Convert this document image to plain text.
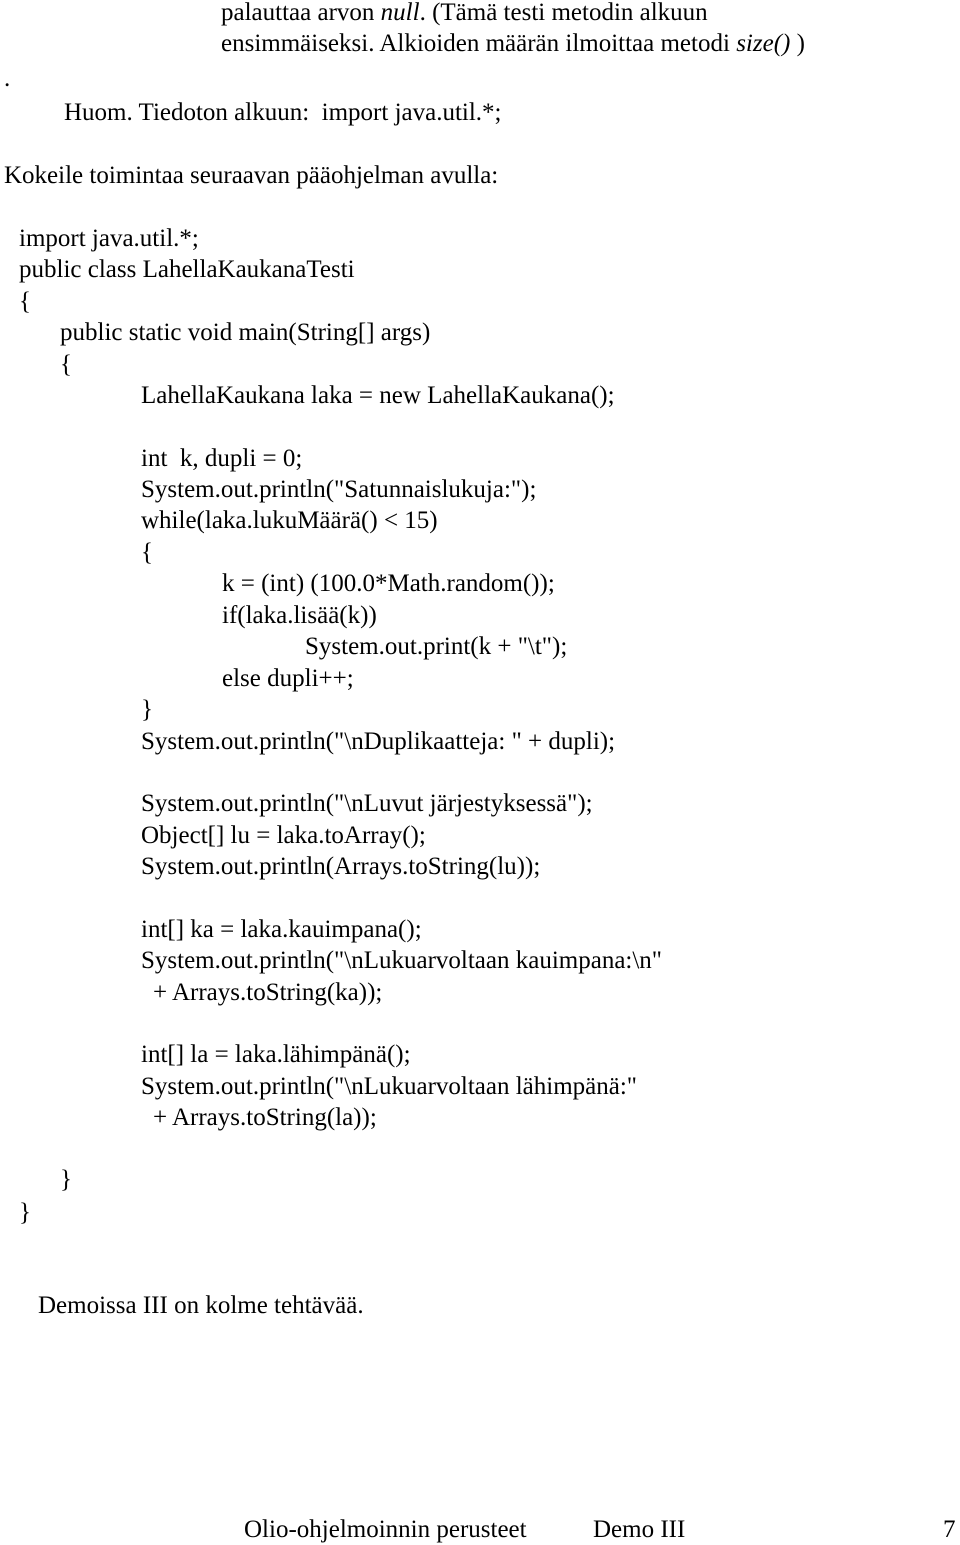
palauttaa arvon null. (Tämä testi metodin alkuun

ensimmäiseksi. Alkioiden määrän ilmoittaa metodi size() )

.

Huom. Tiedoton alkuun:  import java.util.*;

Kokeile toimintaa seuraavan pääohjelman avulla:

import java.util.*;

public class LahellaKaukanaTesti

{

public static void main(String[] args)

{

LahellaKaukana laka = new LahellaKaukana();

int  k, dupli = 0;

System.out.println("Satunnaislukuja:");

while(laka.lukuMäärä() < 15)

{

k = (int) (100.0*Math.random());

if(laka.lisää(k))

System.out.print(k + "\t");

else dupli++;

}

System.out.println("\nDuplikaatteja: " + dupli);

System.out.println("\nLuvut järjestyksessä");

Object[] lu = laka.toArray();

System.out.println(Arrays.toString(lu));

int[] ka = laka.kauimpana();

System.out.println("\nLukuarvoltaan kauimpana:\n"

+ Arrays.toString(ka));

int[] la = laka.lähimpänä();

System.out.println("\nLukuarvoltaan lähimpänä:"

+ Arrays.toString(la));

}

}

Demoissa III on kolme tehtävää.

Olio-ohjelmoinnin perusteet	Demo III	7
